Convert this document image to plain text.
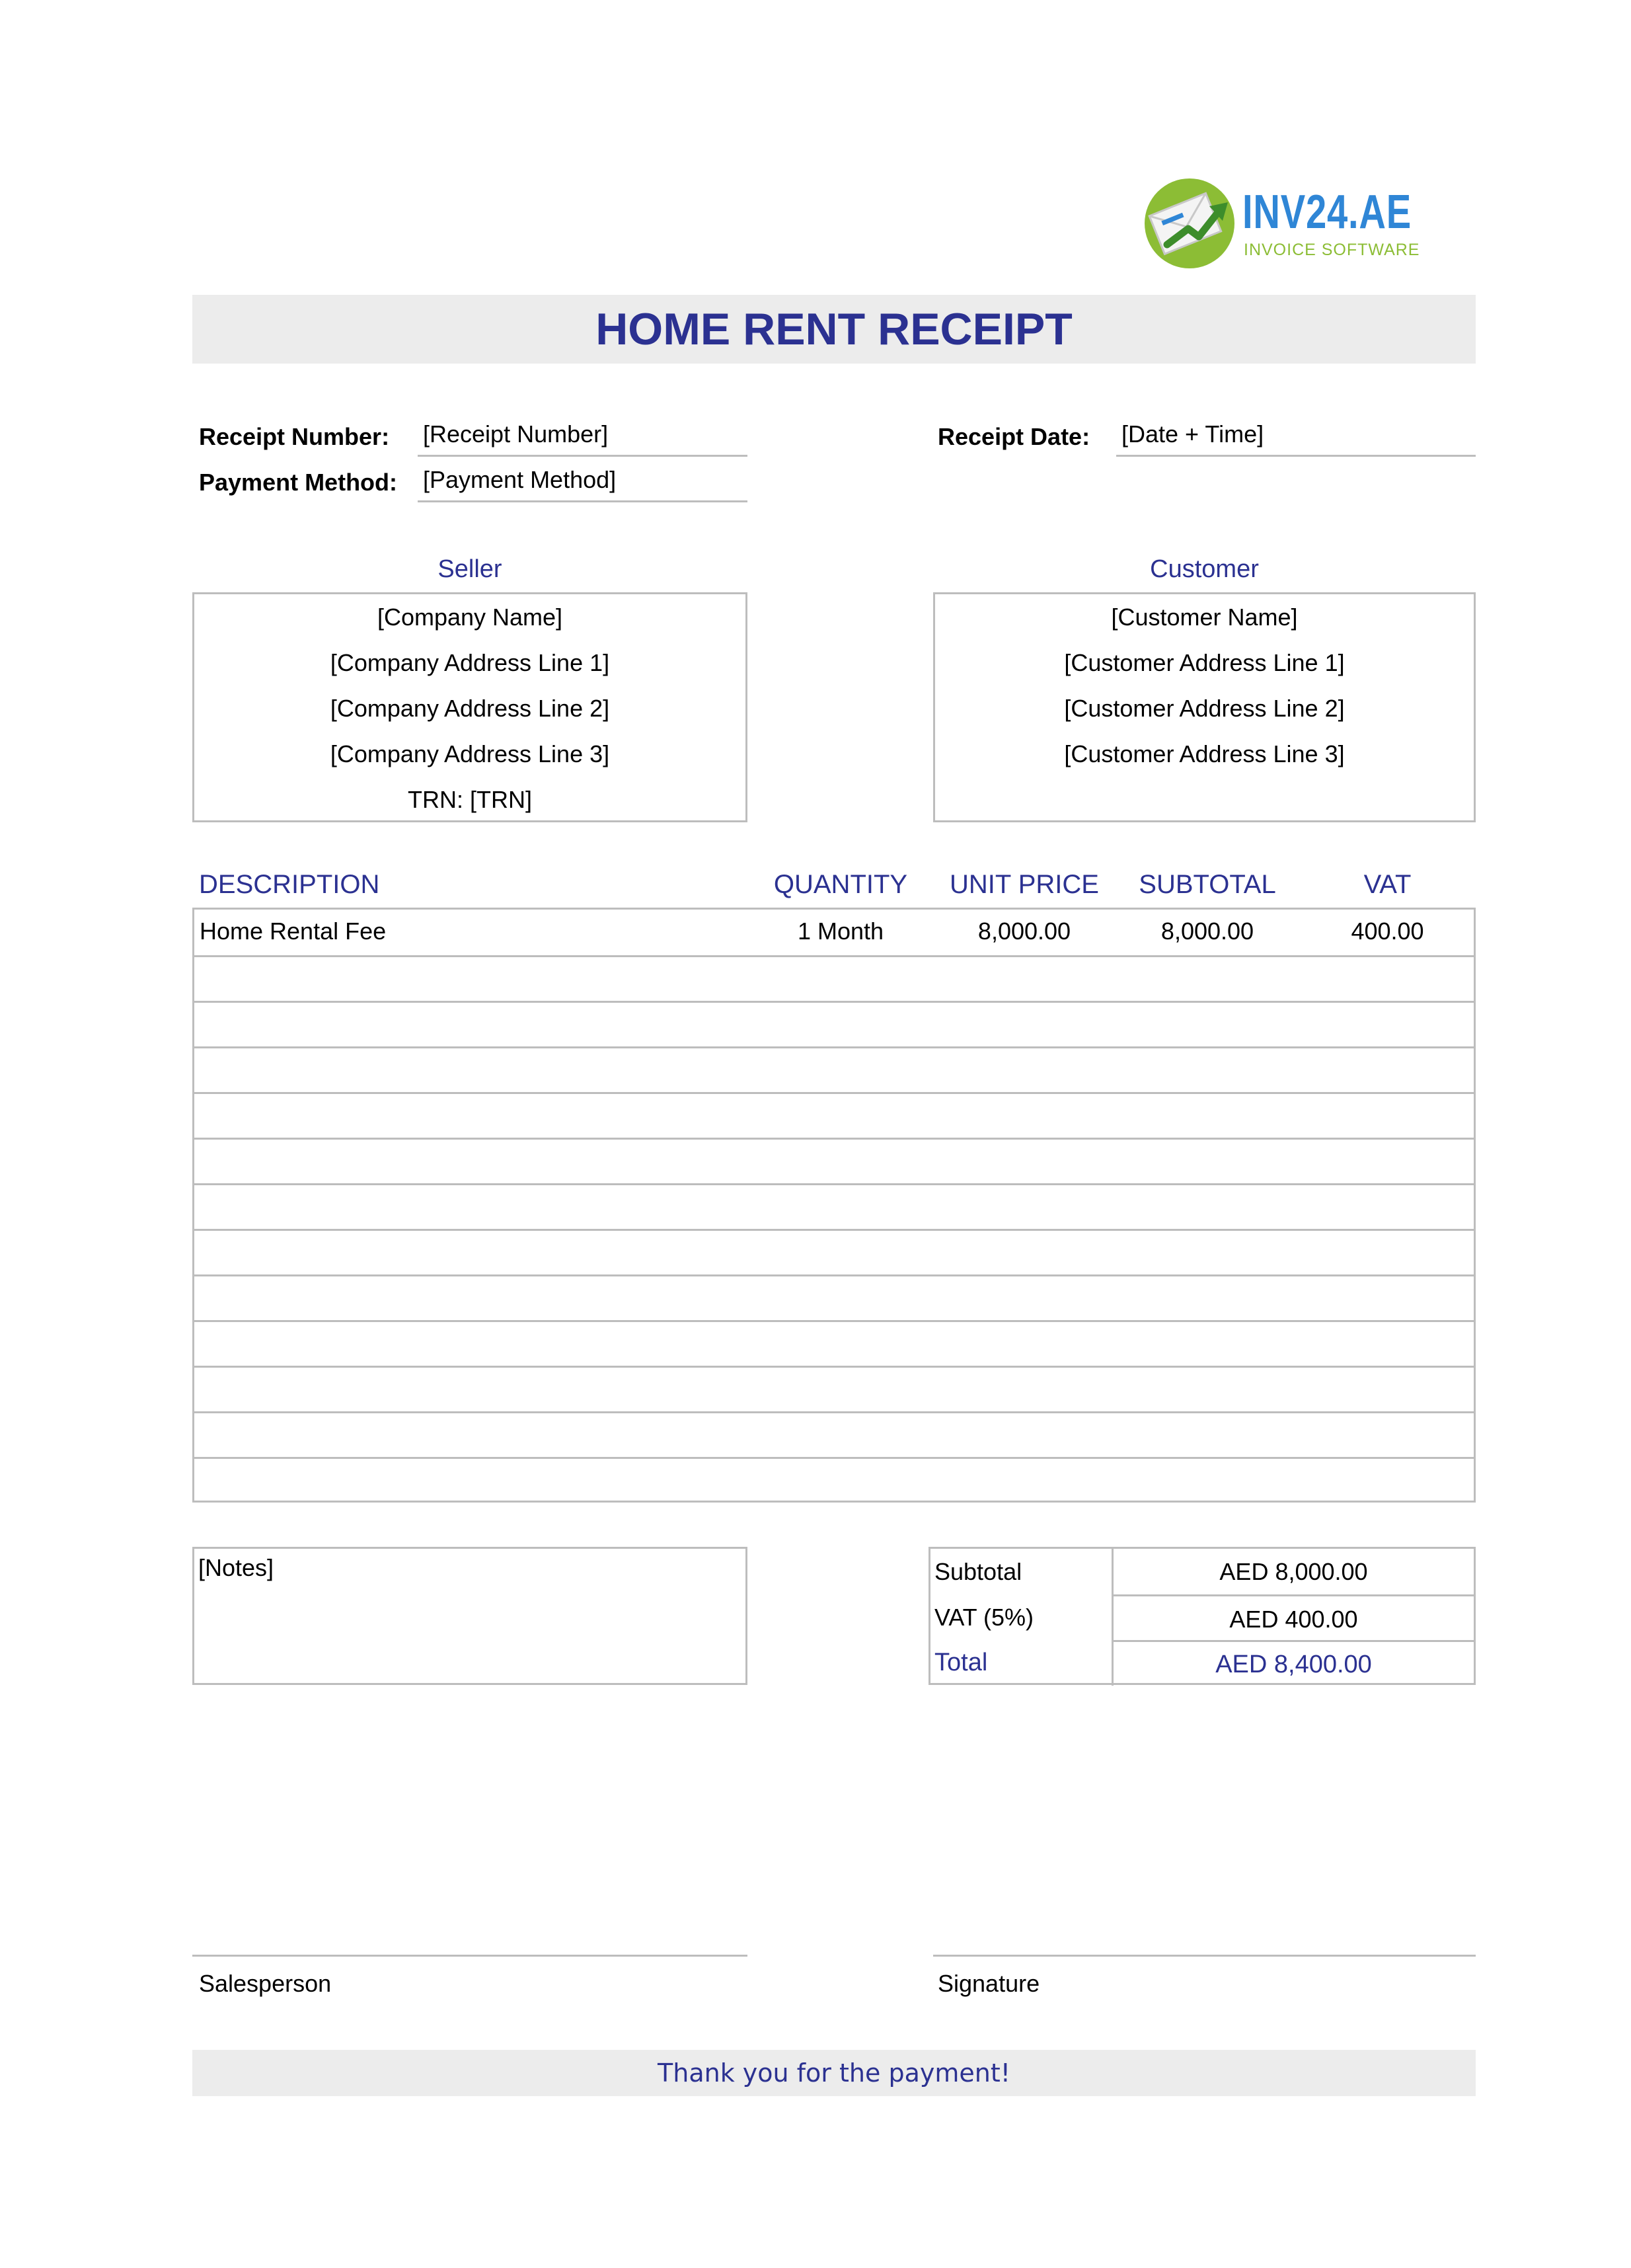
INV24.AE
INVOICE SOFTWARE
HOME RENT RECEIPT
Receipt Number: [Receipt Number]
Payment Method: [Payment Method]
Receipt Date: [Date + Time]
Seller
[Company Name]
[Company Address Line 1]
[Company Address Line 2]
[Company Address Line 3]
TRN: [TRN]
Customer
[Customer Name]
[Customer Address Line 1]
[Customer Address Line 2]
[Customer Address Line 3]
DESCRIPTION	QUANTITY	UNIT PRICE	SUBTOTAL	VAT
Home Rental Fee	1 Month	8,000.00	8,000.00	400.00
[Notes]	Subtotal	AED 8,000.00
VAT (5%)	AED 400.00
Total	AED 8,400.00
Salesperson	Signature
Thank you for the payment!
